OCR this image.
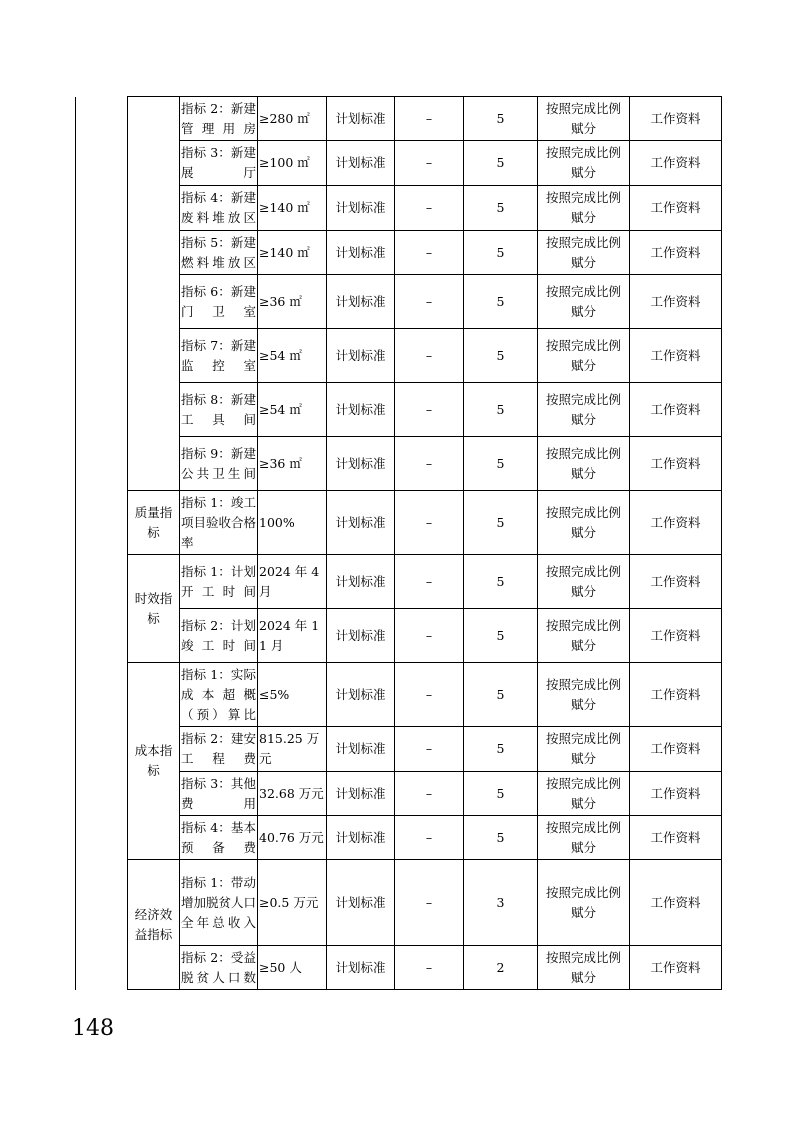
		指标 2：新建管理用房	≥280 ㎡	计划标准	–	5	按照完成比例赋分	工作资料
		指标 3：新建展厅	≥100 ㎡	计划标准	–	5	按照完成比例赋分	工作资料
		指标 4：新建废料堆放区	≥140 ㎡	计划标准	–	5	按照完成比例赋分	工作资料
		指标 5：新建燃料堆放区	≥140 ㎡	计划标准	–	5	按照完成比例赋分	工作资料
		指标 6：新建门卫室	≥36 ㎡	计划标准	–	5	按照完成比例赋分	工作资料
		指标 7：新建监控室	≥54 ㎡	计划标准	–	5	按照完成比例赋分	工作资料
		指标 8：新建工具间	≥54 ㎡	计划标准	–	5	按照完成比例赋分	工作资料
		指标 9：新建公共卫生间	≥36 ㎡	计划标准	–	5	按照完成比例赋分	工作资料
	质量指标	指标 1：竣工项目验收合格率	100%	计划标准	–	5	按照完成比例赋分	工作资料
	时效指标	指标 1：计划开工时间	2024 年 4 月	计划标准	–	5	按照完成比例赋分	工作资料
		指标 2：计划竣工时间	2024 年 11 月	计划标准	–	5	按照完成比例赋分	工作资料
	成本指标	指标 1：实际成本超概（预）算比	≤5%	计划标准	–	5	按照完成比例赋分	工作资料
		指标 2：建安工程费	815.25 万元	计划标准	–	5	按照完成比例赋分	工作资料
		指标 3：其他费用	32.68 万元	计划标准	–	5	按照完成比例赋分	工作资料
		指标 4：基本预备费	40.76 万元	计划标准	–	5	按照完成比例赋分	工作资料
	经济效益指标	指标 1：带动增加脱贫人口全年总收入	≥0.5 万元	计划标准	–	3	按照完成比例赋分	工作资料
		指标 2：受益脱贫人口数	≥50 人	计划标准	–	2	按照完成比例赋分	工作资料
148
